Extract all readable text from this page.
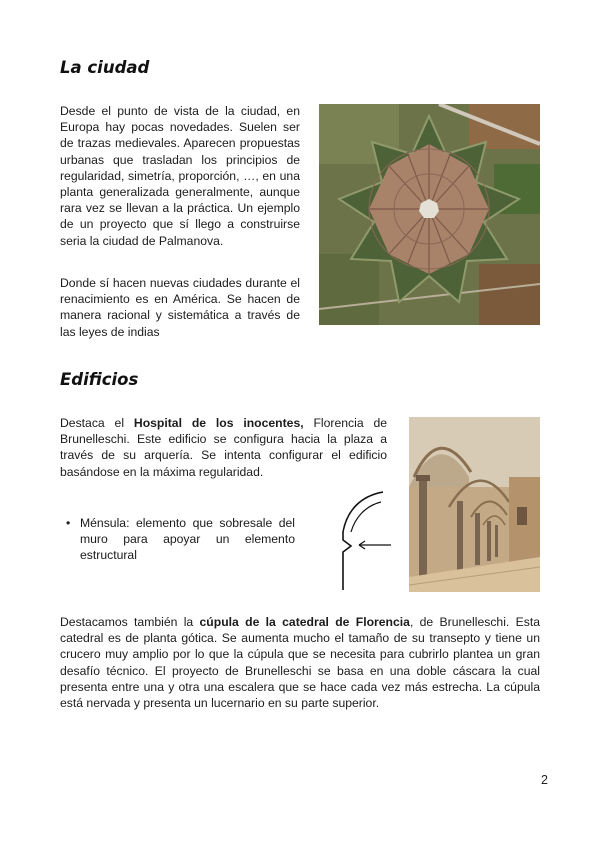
La ciudad

Desde el punto de vista de la ciudad, en Europa hay pocas novedades. Suelen ser de trazas medievales. Aparecen propuestas urbanas que trasladan los principios de regularidad, simetría, proporción, …, en una planta generalizada generalmente, aunque rara vez se llevan a la práctica. Un ejemplo de un proyecto que sí llego a construirse seria la ciudad de Palmanova.

Donde sí hacen nuevas ciudades durante el renacimiento es en América. Se hacen de manera racional y sistemática a través de las leyes de indias

Edificios

Destaca el Hospital de los inocentes, Florencia de Brunelleschi. Este edificio se configura hacia la plaza a través de su arquería. Se intenta configurar el edificio basándose en la máxima regularidad.

• Ménsula: elemento que sobresale del muro para apoyar un elemento estructural

Destacamos también la cúpula de la catedral de Florencia, de Brunelleschi. Esta catedral es de planta gótica. Se aumenta mucho el tamaño de su transepto y tiene un crucero muy amplio por lo que la cúpula que se necesita para cubrirlo plantea un gran desafío técnico. El proyecto de Brunelleschi se basa en una doble cáscara la cual presenta entre una y otra una escalera que se hace cada vez más estrecha. La cúpula está nervada y presenta un lucernario en su parte superior.

2
